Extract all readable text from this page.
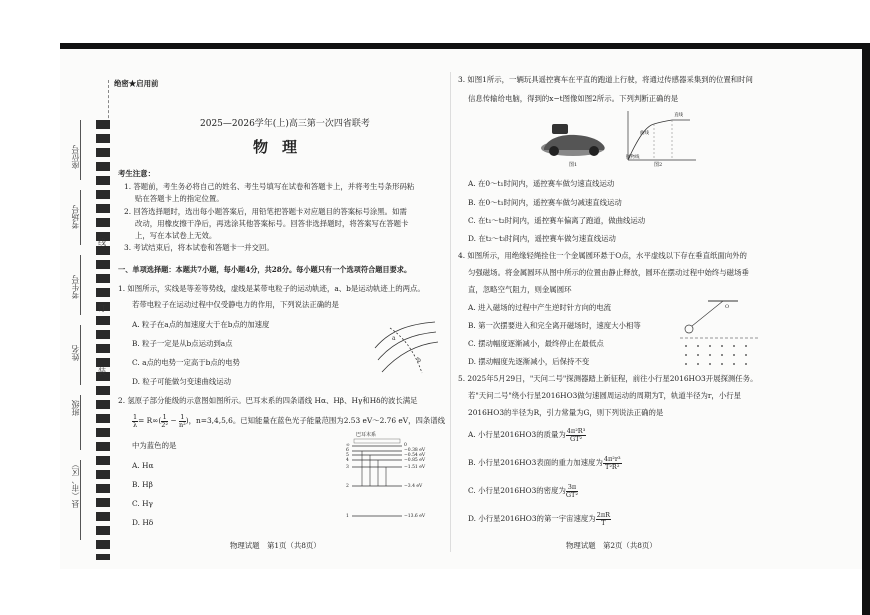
座位号
考场号
考生号
姓名
班级
县（市、区）
线
订
装
绝密★启用前
2025—2026学年(上)高三第一次四省联考
物理
考生注意：
1. 答题前，考生务必将自己的姓名、考生号填写在试卷和答题卡上，并将考生号条形码粘
贴在答题卡上的指定位置。
2. 回答选择题时，选出每小题答案后，用铅笔把答题卡对应题目的答案标号涂黑。如需
改动，用橡皮擦干净后，再选涂其他答案标号。回答非选择题时，将答案写在答题卡
上，写在本试卷上无效。
3. 考试结束后，将本试卷和答题卡一并交回。
一、单项选择题：本题共7小题，每小题4分，共28分。每小题只有一个选项符合题目要求。
1. 如图所示，实线是等差等势线，虚线是某带电粒子的运动轨迹，a、b是运动轨迹上的两点。
若带电粒子在运动过程中仅受静电力的作用，下列说法正确的是
A. 粒子在a点的加速度大于在b点的加速度
B. 粒子一定是从b点运动到a点
C. a点的电势一定高于b点的电势
D. 粒子可能做匀变速曲线运动
a
b
2. 氢原子部分能级的示意图如图所示。巴耳末系的四条谱线 Hα、Hβ、Hγ和Hδ的波长满足
$\frac{1}{\lambda} = R\infty( \frac{1}{\text{2²}} - \frac{1}{\text{n²}}$ )，n=3,4,5,6。已知能量在蓝色光子能量范围为2.53 eV～2.76 eV，四条谱线
中为蓝色的是
A. Hα
B. Hβ
C. Hγ
D. Hδ
巴耳末系
∞	0
6	−0.38 eV
5	−0.54 eV
4	−0.85 eV
3	−1.51 eV
2	−3.4 eV
1	−13.6 eV
物理试题　第1页（共8页）
3. 如图1所示，一辆玩具遥控赛车在平直的跑道上行驶，将通过传感器采集到的位置和时间
信息传输给电脑，得到的x−t图像如图2所示。下列判断正确的是
图1
曲线
直线
抛物线
图2
A. 在0～t₁时间内，遥控赛车做匀速直线运动
B. 在0～t₁时间内，遥控赛车做匀减速直线运动
C. 在t₁～t₂时间内，遥控赛车偏离了跑道，做曲线运动
D. 在t₂～t₃时间内，遥控赛车做匀速直线运动
4. 如图所示，用绝缘轻绳拴住一个金属圆环悬于O点，水平虚线以下存在垂直纸面向外的
匀强磁场。将金属圆环从图中所示的位置由静止释放，圆环在摆动过程中始终与磁场垂
直，忽略空气阻力，则金属圆环
A. 进入磁场的过程中产生逆时针方向的电流
B. 第一次摆要进入和完全离开磁场时，速度大小相等
C. 摆动幅度逐渐减小，最终停止在最低点
D. 摆动幅度先逐渐减小，后保持不变
O
5. 2025年5月29日，"天问二号"探测器踏上新征程，前往小行星2016HO3开展探测任务。
若"天问二号"绕小行星2016HO3做匀速圆周运动的周期为T，轨道半径为r，小行星
2016HO3的半径为R，引力常量为G，则下列说法正确的是
A. 小行星2016HO3的质量为 $\frac{\text{4π²R³}}{\text{GT²}}$
B. 小行星2016HO3表面的重力加速度为 $\frac{\text{4π²r³}}{\text{T²R²}}$
C. 小行星2016HO3的密度为 $\frac{3\pi}{\text{GT²}}$
D. 小行星2016HO3的第一宇宙速度为 $\frac{2\pi R}{T}$
物理试题　第2页（共8页）
